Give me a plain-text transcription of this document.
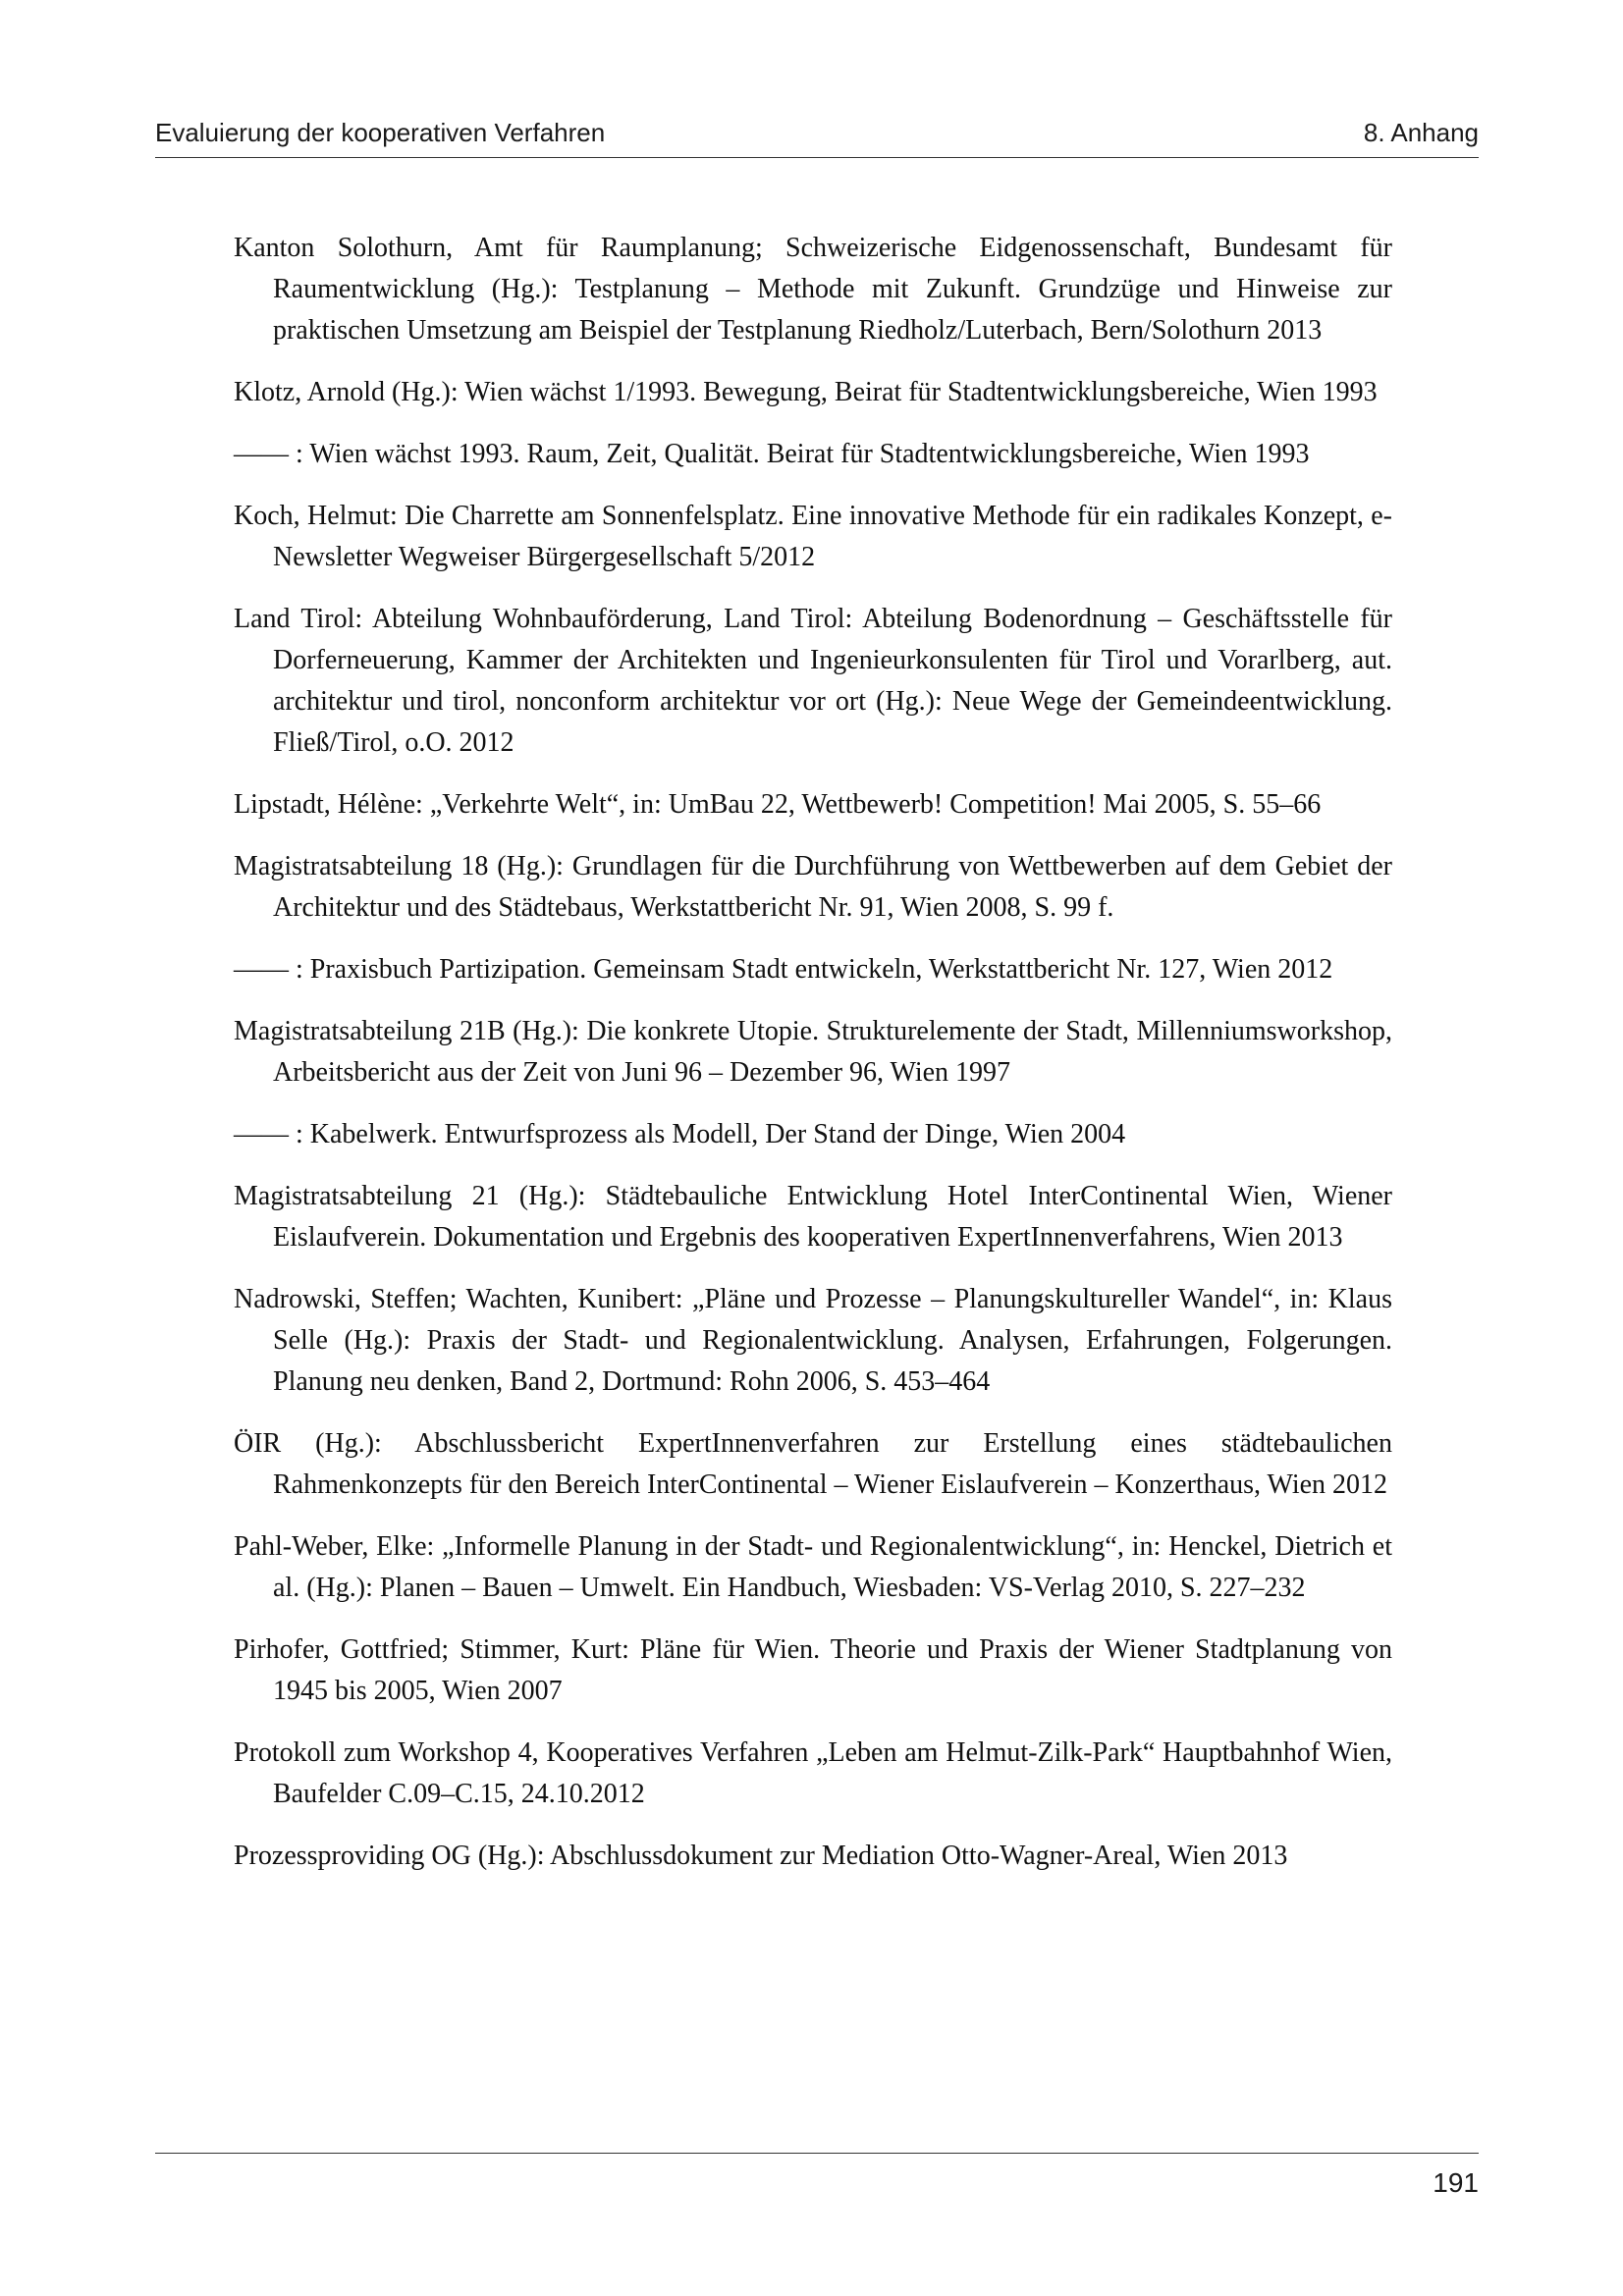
Evaluierung der kooperativen Verfahren	8. Anhang

Kanton Solothurn, Amt für Raumplanung; Schweizerische Eidgenossenschaft, Bundesamt für Raumentwicklung (Hg.): Testplanung – Methode mit Zukunft. Grundzüge und Hinweise zur praktischen Umsetzung am Beispiel der Testplanung Riedholz/Luterbach, Bern/Solothurn 2013

Klotz, Arnold (Hg.): Wien wächst 1/1993. Bewegung, Beirat für Stadtentwicklungsbereiche, Wien 1993

—— : Wien wächst 1993. Raum, Zeit, Qualität. Beirat für Stadtentwicklungsbereiche, Wien 1993

Koch, Helmut: Die Charrette am Sonnenfelsplatz. Eine innovative Methode für ein radikales Konzept, e-Newsletter Wegweiser Bürgergesellschaft 5/2012

Land Tirol: Abteilung Wohnbauförderung, Land Tirol: Abteilung Bodenordnung – Geschäftsstelle für Dorferneuerung, Kammer der Architekten und Ingenieurkonsulenten für Tirol und Vorarlberg, aut. architektur und tirol, nonconform architektur vor ort (Hg.): Neue Wege der Gemeindeentwicklung. Fließ/Tirol, o.O. 2012

Lipstadt, Hélène: „Verkehrte Welt“, in: UmBau 22, Wettbewerb! Competition! Mai 2005, S. 55–66

Magistratsabteilung 18 (Hg.): Grundlagen für die Durchführung von Wettbewerben auf dem Gebiet der Architektur und des Städtebaus, Werkstattbericht Nr. 91, Wien 2008, S. 99 f.

—— : Praxisbuch Partizipation. Gemeinsam Stadt entwickeln, Werkstattbericht Nr. 127, Wien 2012

Magistratsabteilung 21B (Hg.): Die konkrete Utopie. Strukturelemente der Stadt, Millenniumsworkshop, Arbeitsbericht aus der Zeit von Juni 96 – Dezember 96, Wien 1997

—— : Kabelwerk. Entwurfsprozess als Modell, Der Stand der Dinge, Wien 2004

Magistratsabteilung 21 (Hg.): Städtebauliche Entwicklung Hotel InterContinental Wien, Wiener Eislaufverein. Dokumentation und Ergebnis des kooperativen ExpertInnenverfahrens, Wien 2013

Nadrowski, Steffen; Wachten, Kunibert: „Pläne und Prozesse – Planungskultureller Wandel“, in: Klaus Selle (Hg.): Praxis der Stadt- und Regionalentwicklung. Analysen, Erfahrungen, Folgerungen. Planung neu denken, Band 2, Dortmund: Rohn 2006, S. 453–464

ÖIR (Hg.): Abschlussbericht ExpertInnenverfahren zur Erstellung eines städtebaulichen Rahmenkonzepts für den Bereich InterContinental – Wiener Eislaufverein – Konzerthaus, Wien 2012

Pahl-Weber, Elke: „Informelle Planung in der Stadt- und Regionalentwicklung“, in: Henckel, Dietrich et al. (Hg.): Planen – Bauen – Umwelt. Ein Handbuch, Wiesbaden: VS-Verlag 2010, S. 227–232

Pirhofer, Gottfried; Stimmer, Kurt: Pläne für Wien. Theorie und Praxis der Wiener Stadtplanung von 1945 bis 2005, Wien 2007

Protokoll zum Workshop 4, Kooperatives Verfahren „Leben am Helmut-Zilk-Park“ Hauptbahnhof Wien, Baufelder C.09–C.15, 24.10.2012

Prozessproviding OG (Hg.): Abschlussdokument zur Mediation Otto-Wagner-Areal, Wien 2013

191
